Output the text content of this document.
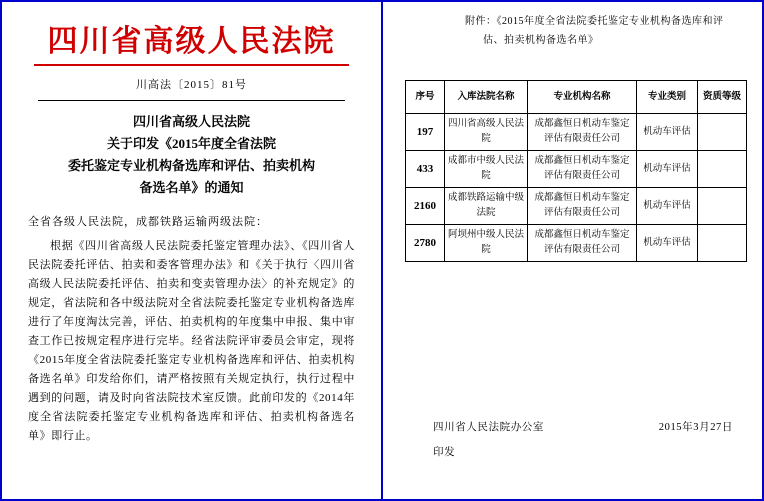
四川省高级人民法院
川高法〔2015〕81号
四川省高级人民法院
关于印发《2015年度全省法院
委托鉴定专业机构备选库和评估、拍卖机构
备选名单》的通知
全省各级人民法院，成都铁路运输两级法院：

根据《四川省高级人民法院委托鉴定管理办法》、《四川省人民法院委托评估、拍卖和委客管理办法》和《关于执行〈四川省高级人民法院委托评估、拍卖和变卖管理办法〉的补充规定》的规定，省法院和各中级法院对全省法院委托鉴定专业机构备选库进行了年度淘汰完善，评估、拍卖机构的年度集中申报、集中审查工作已按规定程序进行完毕。经省法院评审委员会审定，现将《2015年度全省法院委托鉴定专业机构备选库和评估、拍卖机构备选名单》印发给你们，请严格按照有关规定执行，执行过程中遇到的问题，请及时向省法院技术室反馈。此前印发的《2014年度全省法院委托鉴定专业机构备选库和评估、拍卖机构备选名单》即行止。

附件：《2015年度全省法院委托鉴定专业机构备选库和评
估、拍卖机构备选名单》
序号	入库法院名称	专业机构名称	专业类别	资质等级
197	四川省高级人民法院	成都鑫恒日机动车鉴定评估有限责任公司	机动车评估	
433	成都市中级人民法院	成都鑫恒日机动车鉴定评估有限责任公司	机动车评估	
2160	成都铁路运输中级法院	成都鑫恒日机动车鉴定评估有限责任公司	机动车评估	
2780	阿坝州中级人民法院	成都鑫恒日机动车鉴定评估有限责任公司	机动车评估	
四川省人民法院办公室	2015年3月27日
印发
